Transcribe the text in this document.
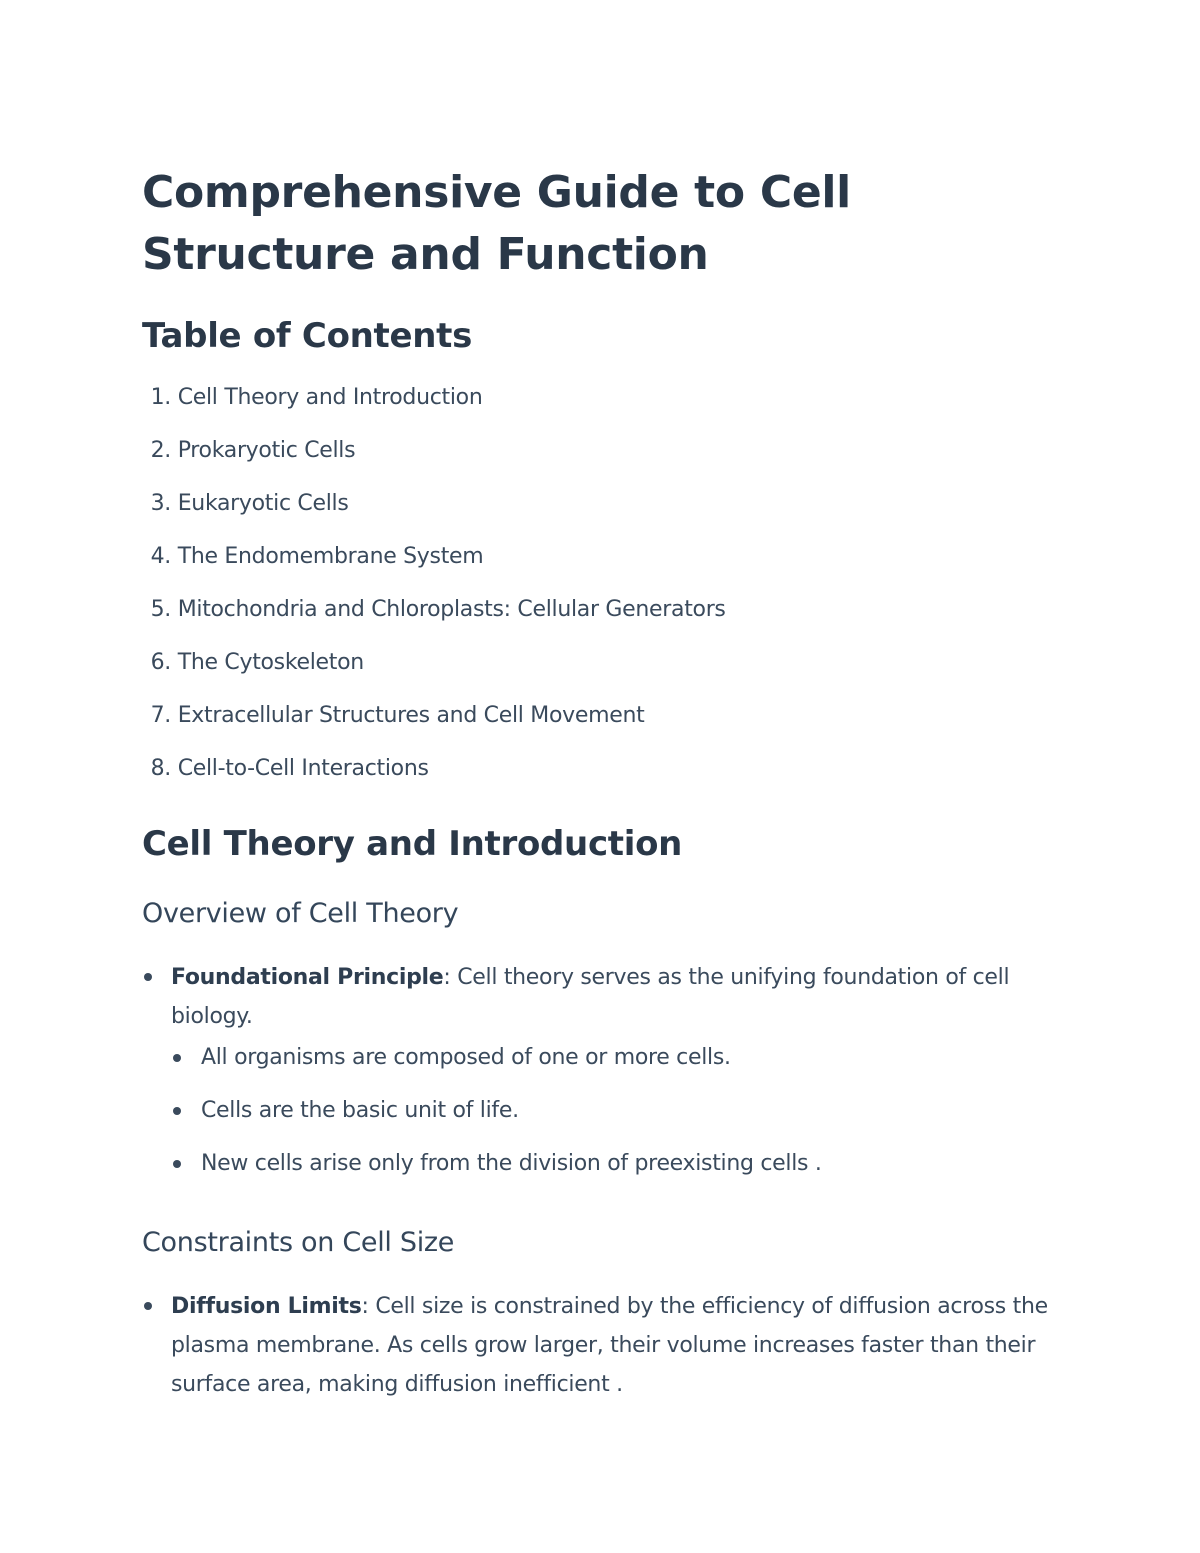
Comprehensive Guide to Cell Structure and Function
Table of Contents
1.
Cell Theory and Introduction
2.
Prokaryotic Cells
3.
Eukaryotic Cells
4.
The Endomembrane System
5.
Mitochondria and Chloroplasts: Cellular Generators
6.
The Cytoskeleton
7.
Extracellular Structures and Cell Movement
8.
Cell-to-Cell Interactions
Cell Theory and Introduction
Overview of Cell Theory
Foundational Principle: Cell theory serves as the unifying foundation of cell biology.
All organisms are composed of one or more cells.
Cells are the basic unit of life.
New cells arise only from the division of preexisting cells .
Constraints on Cell Size
Diffusion Limits: Cell size is constrained by the efficiency of diffusion across the plasma membrane. As cells grow larger, their volume increases faster than their surface area, making diffusion inefficient .
